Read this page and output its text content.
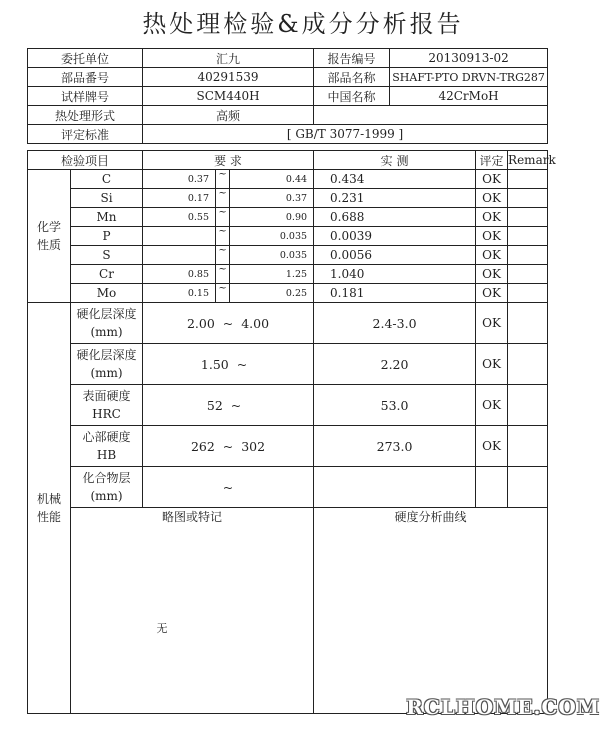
热处理检验&成分分析报告
委托单位		汇九			报告编号	20130913-02		
部品番号		40291539			部品名称	SHAFT-PTO DRVN-TRG287		
试样牌号		SCM440H			中国名称	42CrMoH		
热处理形式		高频						
评定标准		[ GB/T 3077-1999 ]						

检验项目		要 求			实 测		评定	Remark
化学性质	C	0.37	~	0.44	0.434		OK	
	Si	0.17	~	0.37	0.231		OK	
	Mn	0.55	~	0.90	0.688		OK	
	P		~	0.035	0.0039		OK	
	S		~	0.035	0.0056		OK	
	Cr	0.85	~	1.25	1.040		OK	
	Mo	0.15	~	0.25	0.181		OK	
机械性能	硬化层深度(mm)	2.00 ~ 4.00			2.4-3.0		OK	
	硬化层深度(mm)	1.50 ~			2.20		OK	
	表面硬度HRC	52 ~			53.0		OK	
	心部硬度HB	262 ~ 302			273.0		OK	
	化合物层(mm)	~						
	略图或特记				硬度分析曲线			

	无							

RCLHOME.COM
